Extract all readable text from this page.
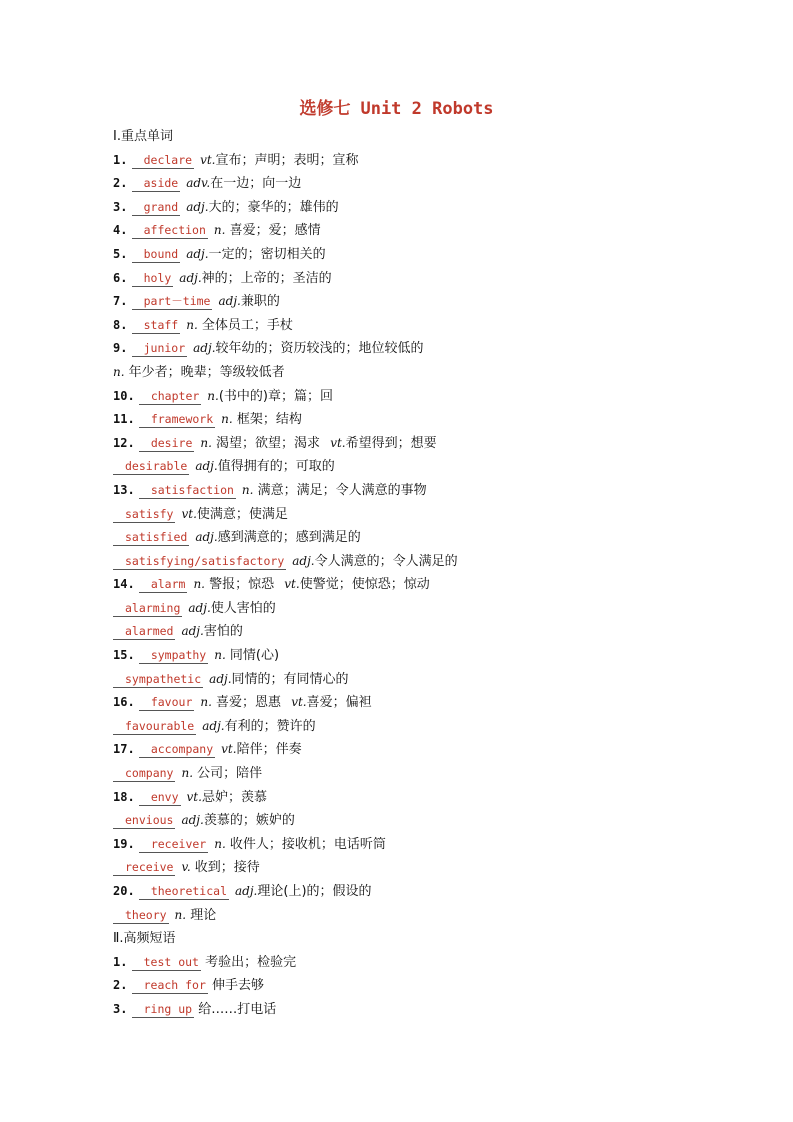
选修七 Unit 2 Robots
Ⅰ.重点单词
1. declare vt.宣布；声明；表明；宣称
2. aside adv.在一边；向一边
3. grand adj.大的；豪华的；雄伟的
4. affection n. 喜爱；爱；感情
5. bound adj.一定的；密切相关的
6. holy adj.神的；上帝的；圣洁的
7. part－time adj.兼职的
8. staff n. 全体员工；手杖
9. junior adj.较年幼的；资历较浅的；地位较低的
n. 年少者；晚辈；等级较低者
10. chapter n.(书中的)章；篇；回
11. framework n. 框架；结构
12. desire n. 渴望；欲望；渴求 vt.希望得到；想要
desirable adj.值得拥有的；可取的
13. satisfaction n. 满意；满足；令人满意的事物
satisfy vt.使满意；使满足
satisfied adj.感到满意的；感到满足的
satisfying/satisfactory adj.令人满意的；令人满足的
14. alarm n. 警报；惊恐 vt.使警觉；使惊恐；惊动
alarming adj.使人害怕的
alarmed adj.害怕的
15. sympathy n. 同情(心)
sympathetic adj.同情的；有同情心的
16. favour n. 喜爱；恩惠 vt.喜爱；偏袒
favourable adj.有利的；赞许的
17. accompany vt.陪伴；伴奏
company n. 公司；陪伴
18. envy vt.忌妒；羡慕
envious adj.羡慕的；嫉妒的
19. receiver n. 收件人；接收机；电话听筒
receive v. 收到；接待
20. theoretical adj.理论(上)的；假设的
theory n. 理论
Ⅱ.高频短语
1. test out 考验出；检验完
2. reach for 伸手去够
3. ring up 给……打电话
